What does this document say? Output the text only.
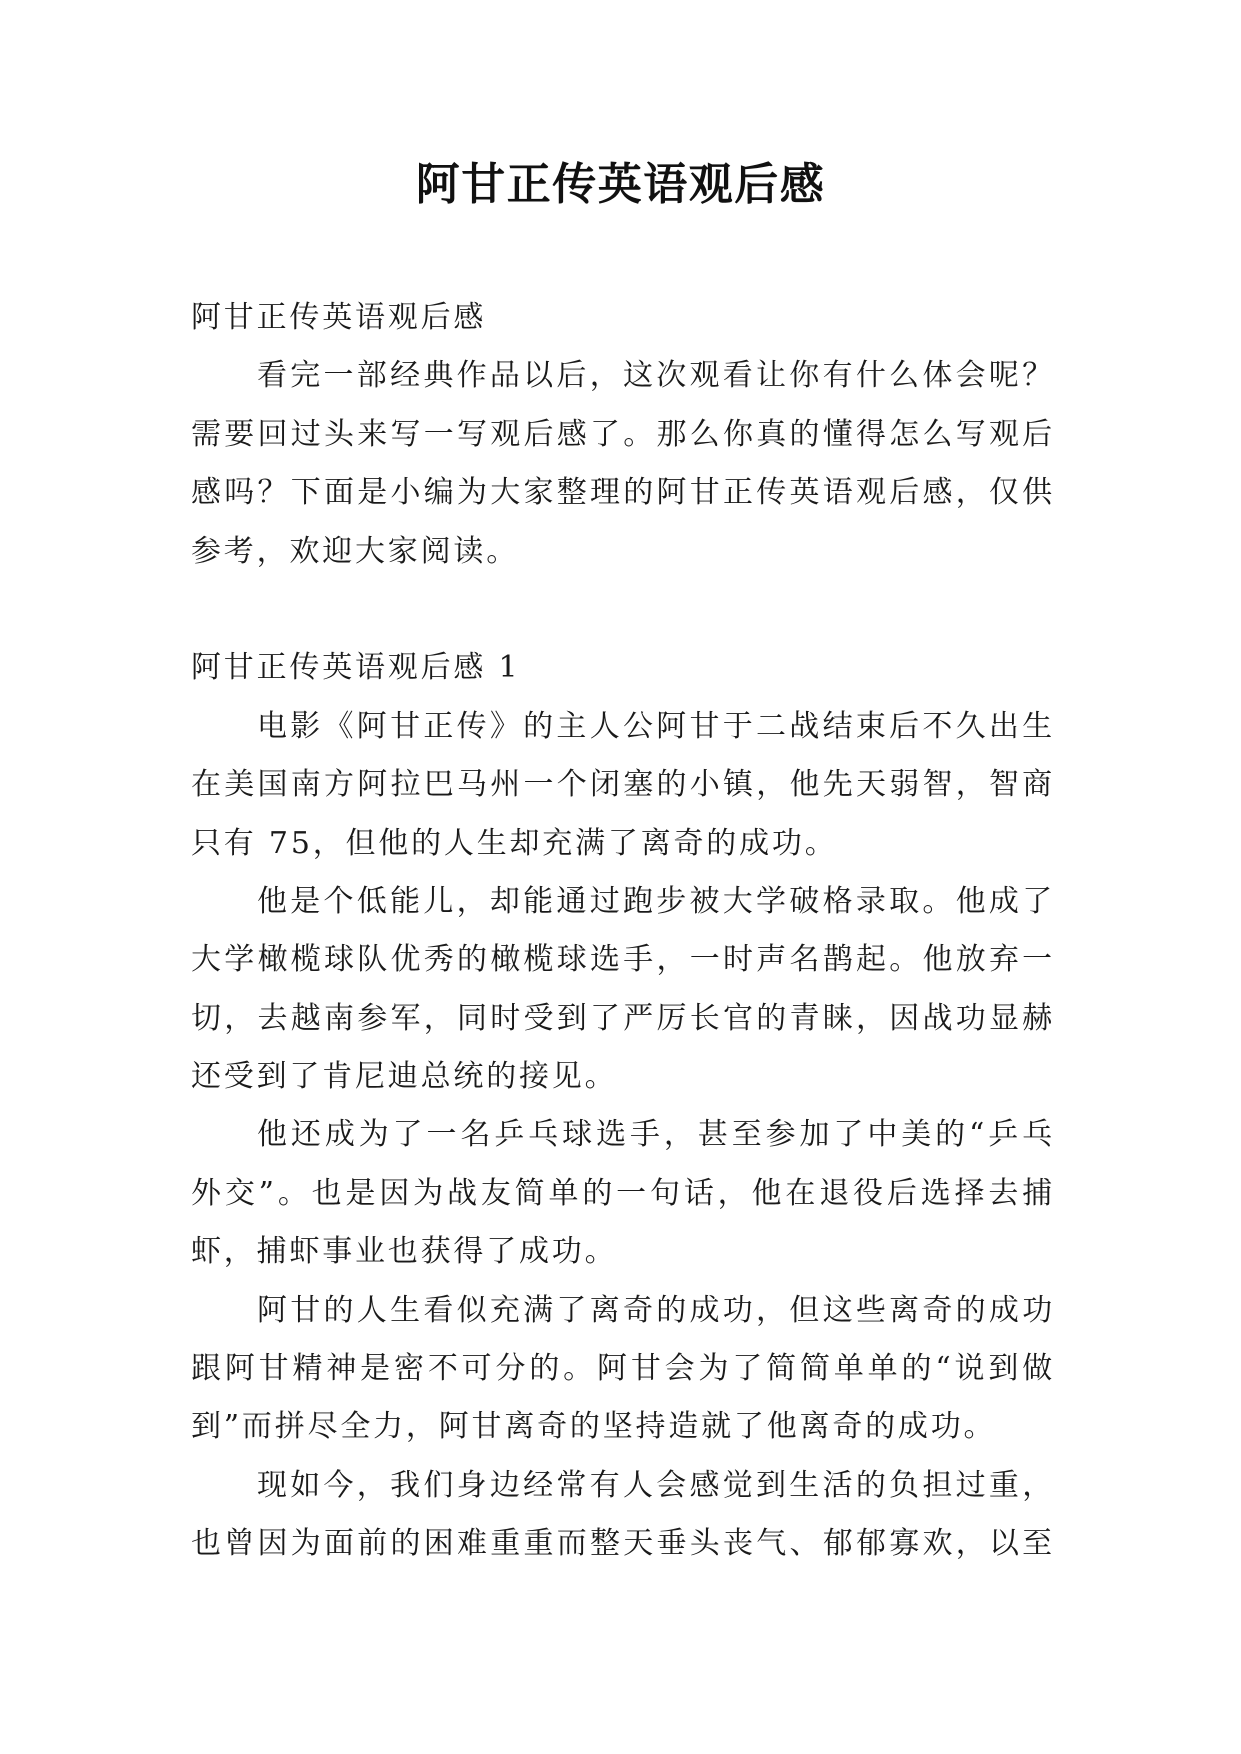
阿甘正传英语观后感
阿甘正传英语观后感
看完一部经典作品以后，这次观看让你有什么体会呢？
需要回过头来写一写观后感了。那么你真的懂得怎么写观后
感吗？下面是小编为大家整理的阿甘正传英语观后感，仅供
参考，欢迎大家阅读。
阿甘正传英语观后感 1
电影《阿甘正传》的主人公阿甘于二战结束后不久出生
在美国南方阿拉巴马州一个闭塞的小镇，他先天弱智，智商
只有 75，但他的人生却充满了离奇的成功。
他是个低能儿，却能通过跑步被大学破格录取。他成了
大学橄榄球队优秀的橄榄球选手，一时声名鹊起。他放弃一
切，去越南参军，同时受到了严厉长官的青睐，因战功显赫
还受到了肯尼迪总统的接见。
他还成为了一名乒乓球选手，甚至参加了中美的“乒乓
外交”。也是因为战友简单的一句话，他在退役后选择去捕
虾，捕虾事业也获得了成功。
阿甘的人生看似充满了离奇的成功，但这些离奇的成功
跟阿甘精神是密不可分的。阿甘会为了简简单单的“说到做
到”而拼尽全力，阿甘离奇的坚持造就了他离奇的成功。
现如今，我们身边经常有人会感觉到生活的负担过重，
也曾因为面前的困难重重而整天垂头丧气、郁郁寡欢，以至
